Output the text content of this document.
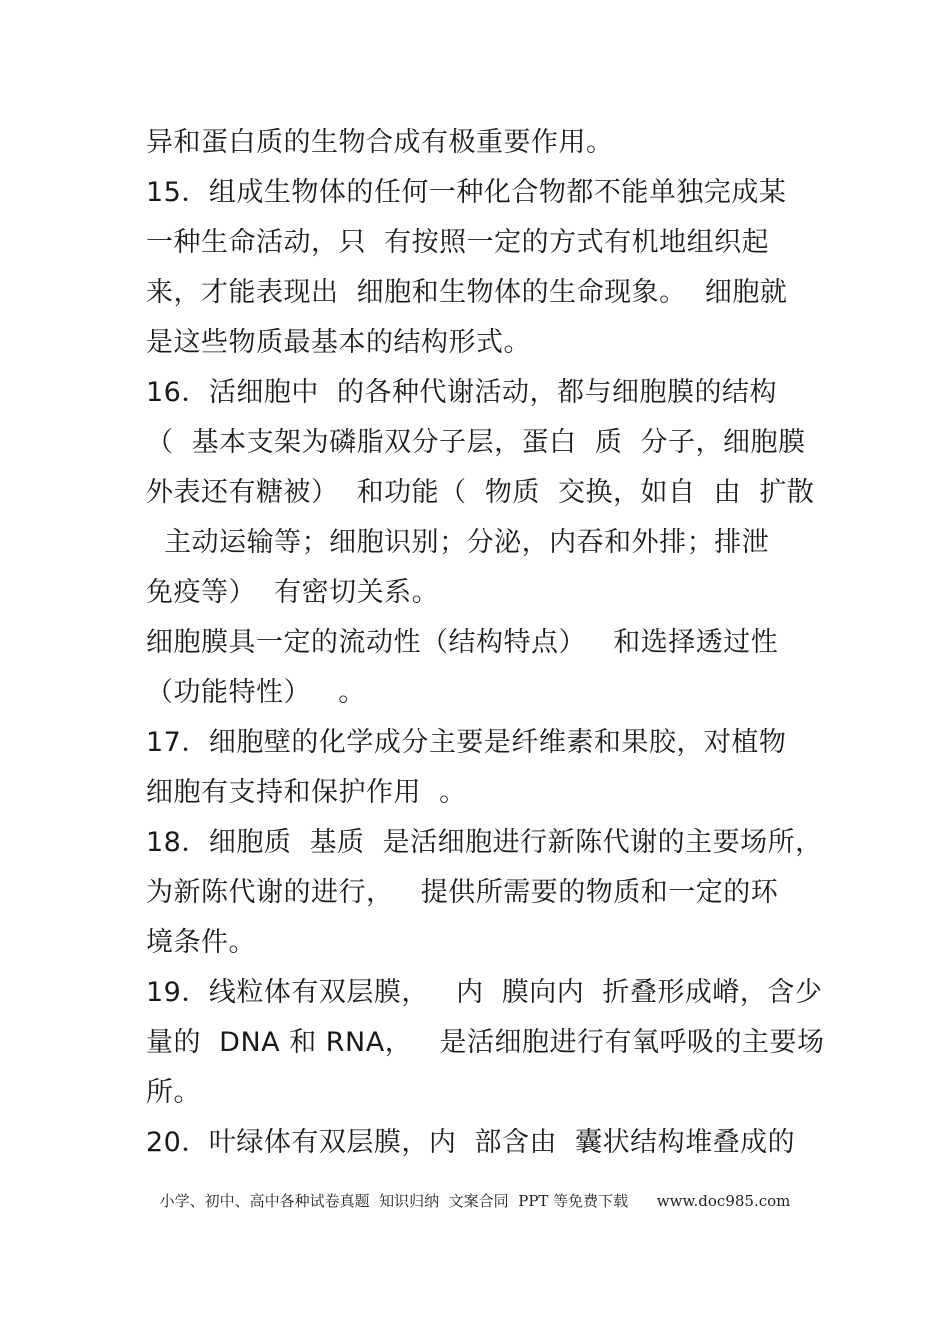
异和蛋白质的生物合成有极重要作用。
15．组成生物体的任何一种化合物都不能单独完成某
一种生命活动，只  有按照一定的方式有机地组织起
来，才能表现出  细胞和生物体的生命现象。  细胞就
是这些物质最基本的结构形式。
16．活细胞中  的各种代谢活动，都与细胞膜的结构
（  基本支架为磷脂双分子层，蛋白  质  分子，细胞膜
外表还有糖被）  和功能（  物质  交换，如自  由  扩散
主动运输等；细胞识别；分泌，内吞和外排；排泄
免疫等）  有密切关系。
细胞膜具一定的流动性（结构特点）   和选择透过性
（功能特性）   。
17．细胞壁的化学成分主要是纤维素和果胶，对植物
细胞有支持和保护作用  。
18．细胞质  基质  是活细胞进行新陈代谢的主要场所，
为新陈代谢的进行，   提供所需要的物质和一定的环
境条件。
19．线粒体有双层膜，   内  膜向内  折叠形成嵴，含少
量的  DNA 和 RNA，   是活细胞进行有氧呼吸的主要场
所。
20．叶绿体有双层膜，内  部含由  囊状结构堆叠成的
小学、初中、高中各种试卷真题  知识归纳  文案合同  PPT 等免费下载      www.doc985.com
